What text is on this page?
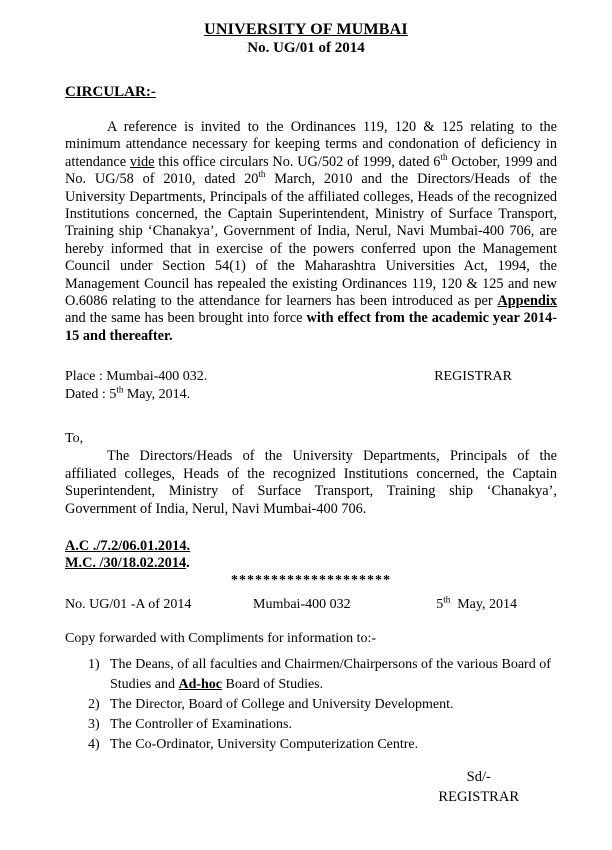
UNIVERSITY OF MUMBAI
No. UG/01 of 2014
CIRCULAR:-

A reference is invited to the Ordinances 119, 120 & 125 relating to the minimum attendance necessary for keeping terms and condonation of deficiency in attendance vide this office circulars No. UG/502 of 1999, dated 6th October, 1999 and No. UG/58 of 2010, dated 20th March, 2010 and the Directors/Heads of the University Departments, Principals of the affiliated colleges, Heads of the recognized Institutions concerned, the Captain Superintendent, Ministry of Surface Transport, Training ship ‘Chanakya’, Government of India, Nerul, Navi Mumbai-400 706, are hereby informed that in exercise of the powers conferred upon the Management Council under Section 54(1) of the Maharashtra Universities Act, 1994, the Management Council has repealed the existing Ordinances 119, 120 & 125 and new O.6086 relating to the attendance for learners has been introduced as per Appendix and the same has been brought into force with effect from the academic year 2014-15 and thereafter.

Place : Mumbai-400 032.	REGISTRAR
Dated : 5th May, 2014.
To,

The Directors/Heads of the University Departments, Principals of the affiliated colleges, Heads of the recognized Institutions concerned, the Captain Superintendent, Ministry of Surface Transport, Training ship ‘Chanakya’, Government of India, Nerul, Navi Mumbai-400 706.

A.C ./7.2/06.01.2014.
M.C. /30/18.02.2014.
********************
No. UG/01 -A of 2014	Mumbai-400 032	5th  May, 2014
Copy forwarded with Compliments for information to:-
1) The Deans, of all faculties and Chairmen/Chairpersons of the various Board of Studies and Ad-hoc Board of Studies.
2) The Director, Board of College and University Development.
3) The Controller of Examinations.
4) The Co-Ordinator, University Computerization Centre.
Sd/-
REGISTRAR
